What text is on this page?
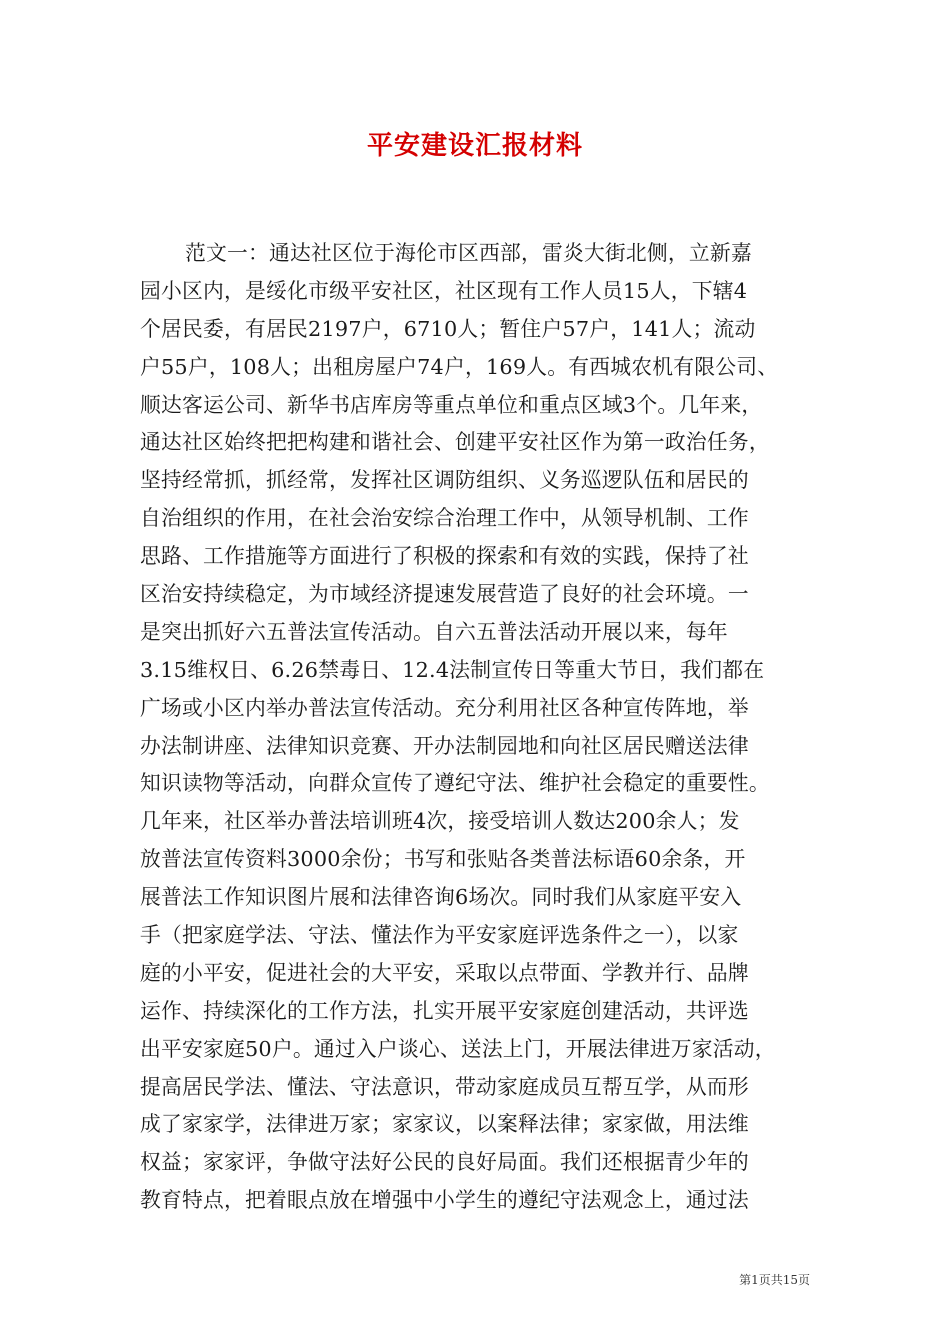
平安建设汇报材料
范文一：通达社区位于海伦市区西部，雷炎大街北侧，立新嘉
园小区内，是绥化市级平安社区，社区现有工作人员15人，下辖4
个居民委，有居民2197户，6710人；暂住户57户，141人；流动
户55户，108人；出租房屋户74户，169人。有西城农机有限公司、
顺达客运公司、新华书店库房等重点单位和重点区域3个。几年来，
通达社区始终把把构建和谐社会、创建平安社区作为第一政治任务，
坚持经常抓，抓经常，发挥社区调防组织、义务巡逻队伍和居民的
自治组织的作用，在社会治安综合治理工作中，从领导机制、工作
思路、工作措施等方面进行了积极的探索和有效的实践，保持了社
区治安持续稳定，为市域经济提速发展营造了良好的社会环境。一
是突出抓好六五普法宣传活动。自六五普法活动开展以来，每年
3.15维权日、6.26禁毒日、12.4法制宣传日等重大节日，我们都在
广场或小区内举办普法宣传活动。充分利用社区各种宣传阵地，举
办法制讲座、法律知识竞赛、开办法制园地和向社区居民赠送法律
知识读物等活动，向群众宣传了遵纪守法、维护社会稳定的重要性。
几年来，社区举办普法培训班4次，接受培训人数达200余人；发
放普法宣传资料3000余份；书写和张贴各类普法标语60余条，开
展普法工作知识图片展和法律咨询6场次。同时我们从家庭平安入
手（把家庭学法、守法、懂法作为平安家庭评选条件之一），以家
庭的小平安，促进社会的大平安，采取以点带面、学教并行、品牌
运作、持续深化的工作方法，扎实开展平安家庭创建活动，共评选
出平安家庭50户。通过入户谈心、送法上门，开展法律进万家活动，
提高居民学法、懂法、守法意识，带动家庭成员互帮互学，从而形
成了家家学，法律进万家；家家议，以案释法律；家家做，用法维
权益；家家评，争做守法好公民的良好局面。我们还根据青少年的
教育特点，把着眼点放在增强中小学生的遵纪守法观念上，通过法
第1页共15页
